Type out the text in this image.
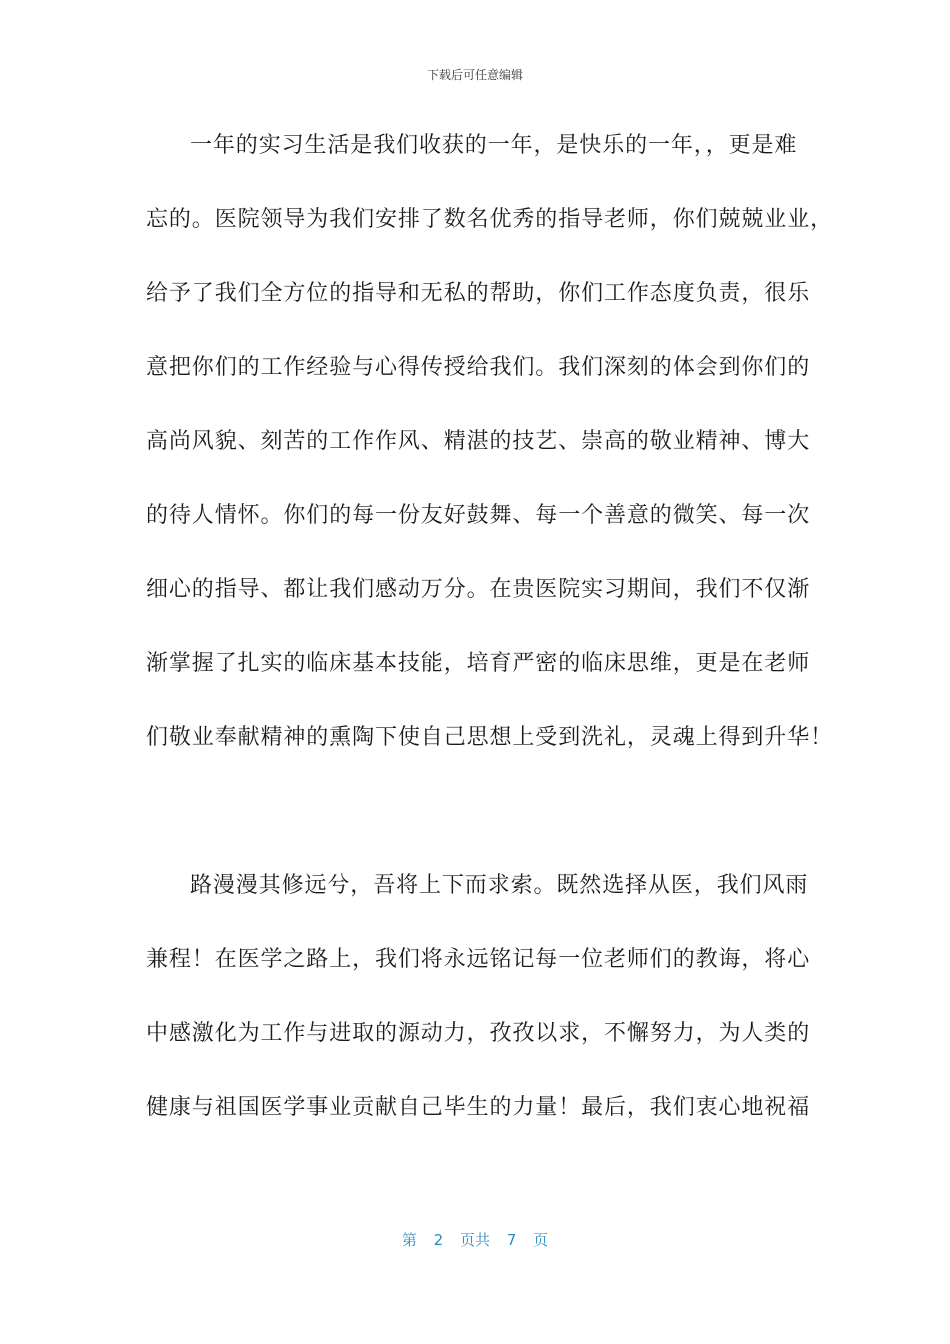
下载后可任意编辑
一年的实习生活是我们收获的一年，是快乐的一年，，更是难
忘的。医院领导为我们安排了数名优秀的指导老师，你们兢兢业业，
给予了我们全方位的指导和无私的帮助，你们工作态度负责，很乐
意把你们的工作经验与心得传授给我们。我们深刻的体会到你们的
高尚风貌、刻苦的工作作风、精湛的技艺、崇高的敬业精神、博大
的待人情怀。你们的每一份友好鼓舞、每一个善意的微笑、每一次
细心的指导、都让我们感动万分。在贵医院实习期间，我们不仅渐
渐掌握了扎实的临床基本技能，培育严密的临床思维，更是在老师
们敬业奉献精神的熏陶下使自己思想上受到洗礼，灵魂上得到升华！
路漫漫其修远兮，吾将上下而求索。既然选择从医，我们风雨
兼程！在医学之路上，我们将永远铭记每一位老师们的教诲，将心
中感激化为工作与进取的源动力，孜孜以求，不懈努力，为人类的
健康与祖国医学事业贡献自己毕生的力量！最后，我们衷心地祝福
第 2 页共 7 页
